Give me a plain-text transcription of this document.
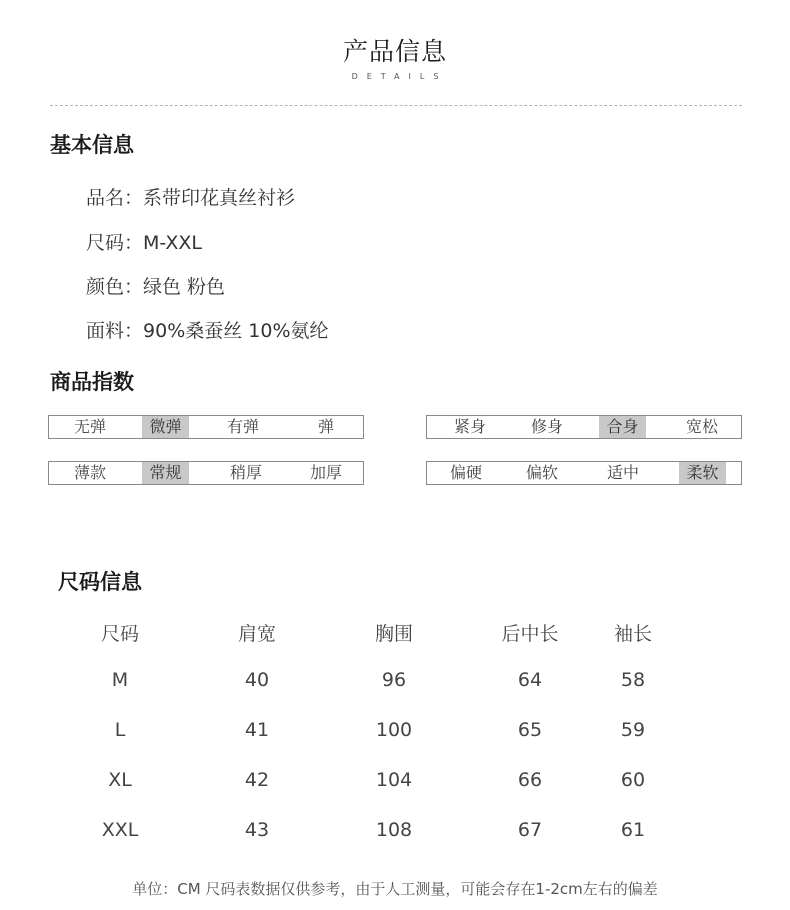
产品信息
DETAILS
基本信息
品名：系带印花真丝衬衫
尺码：M-XXL
颜色：绿色 粉色
面料：90%桑蚕丝 10%氨纶
商品指数
无弹	微弹	有弹	弹	紧身	修身	合身	宽松
薄款	常规	稍厚	加厚	偏硬	偏软	适中	柔软
尺码信息
尺码	肩宽	胸围	后中长	袖长
M	40	96	64	58
L	41	100	65	59
XL	42	104	66	60
XXL	43	108	67	61
单位：CM 尺码表数据仅供参考，由于人工测量，可能会存在1-2cm左右的偏差
